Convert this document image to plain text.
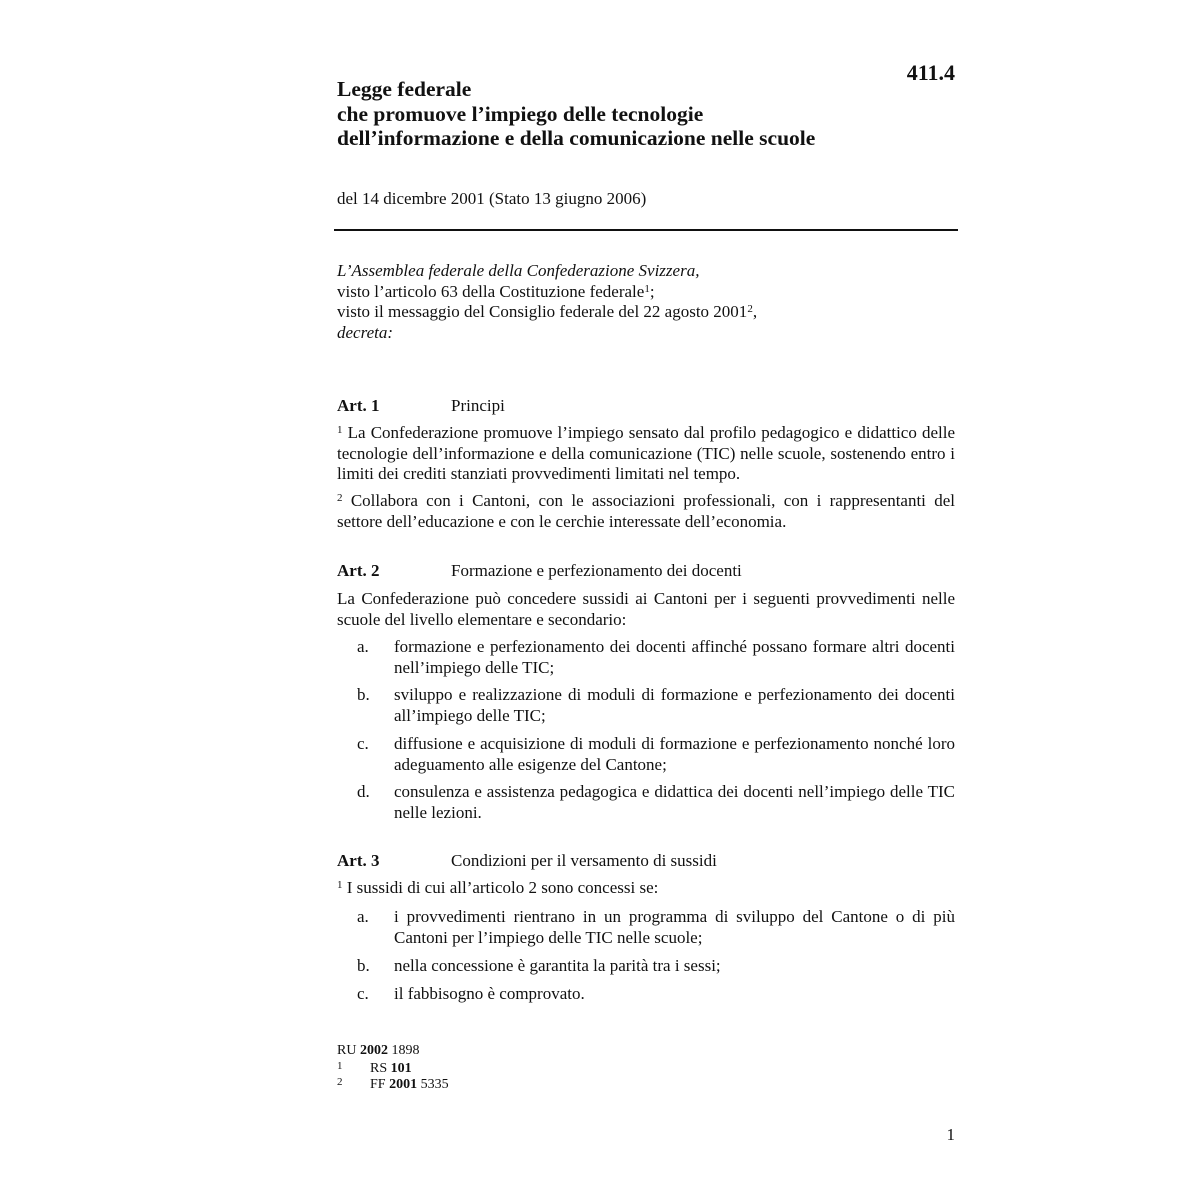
411.4
Legge federale
che promuove l’impiego delle tecnologie
dell’informazione e della comunicazione nelle scuole
del 14 dicembre 2001 (Stato 13 giugno 2006)
L’Assemblea federale della Confederazione Svizzera,
visto l’articolo 63 della Costituzione federale$^1$;
visto il messaggio del Consiglio federale del 22 agosto 2001$^2$,
decreta:
Art. 1	Principi
$^1$ La Confederazione promuove l’impiego sensato dal profilo pedagogico e didattico delle tecnologie dell’informazione e della comunicazione (TIC) nelle scuole, sostenendo entro i limiti dei crediti stanziati provvedimenti limitati nel tempo.
$^2$ Collabora con i Cantoni, con le associazioni professionali, con i rappresentanti del settore dell’educazione e con le cerchie interessate dell’economia.
Art. 2	Formazione e perfezionamento dei docenti
La Confederazione può concedere sussidi ai Cantoni per i seguenti provvedimenti nelle scuole del livello elementare e secondario:
a.	formazione e perfezionamento dei docenti affinché possano formare altri docenti nell’impiego delle TIC;
b.	sviluppo e realizzazione di moduli di formazione e perfezionamento dei docenti all’impiego delle TIC;
c.	diffusione e acquisizione di moduli di formazione e perfezionamento nonché loro adeguamento alle esigenze del Cantone;
d.	consulenza e assistenza pedagogica e didattica dei docenti nell’impiego delle TIC nelle lezioni.
Art. 3	Condizioni per il versamento di sussidi
$^1$ I sussidi di cui all’articolo 2 sono concessi se:
a.	i provvedimenti rientrano in un programma di sviluppo del Cantone o di più Cantoni per l’impiego delle TIC nelle scuole;
b.	nella concessione è garantita la parità tra i sessi;
c.	il fabbisogno è comprovato.
RU 2002 1898
1 RS 101
2 FF 2001 5335
1
